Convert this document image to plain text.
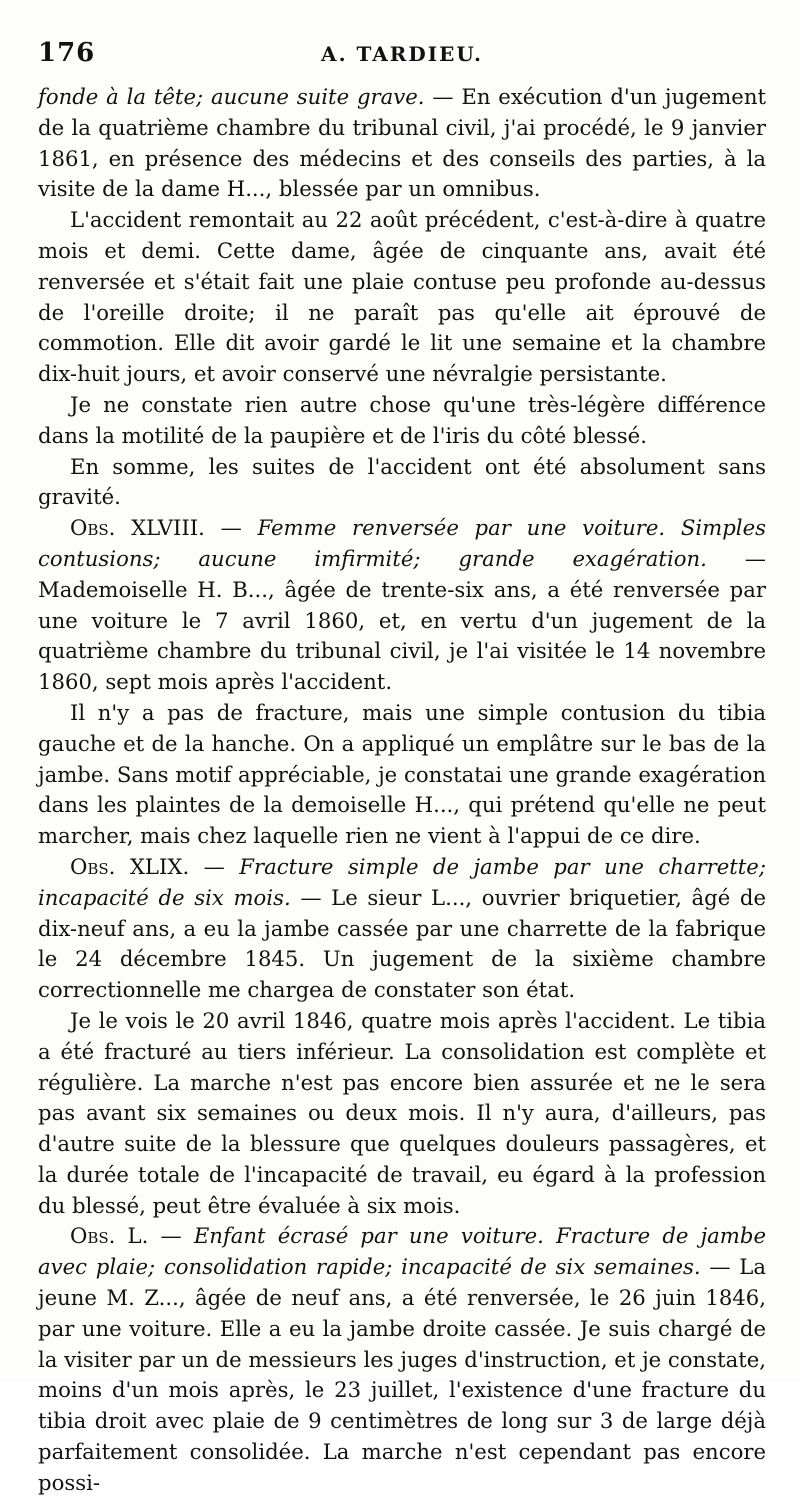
176	A. TARDIEU.

fonde à la tête; aucune suite grave. — En exécution d'un jugement de la quatrième chambre du tribunal civil, j'ai procédé, le 9 janvier 1861, en présence des médecins et des conseils des parties, à la visite de la dame H..., blessée par un omnibus.

L'accident remontait au 22 août précédent, c'est-à-dire à quatre mois et demi. Cette dame, âgée de cinquante ans, avait été renversée et s'était fait une plaie contuse peu profonde au-dessus de l'oreille droite; il ne paraît pas qu'elle ait éprouvé de commotion. Elle dit avoir gardé le lit une semaine et la chambre dix-huit jours, et avoir conservé une névralgie persistante.

Je ne constate rien autre chose qu'une très-légère différence dans la motilité de la paupière et de l'iris du côté blessé.

En somme, les suites de l'accident ont été absolument sans gravité.

Obs. XLVIII. — Femme renversée par une voiture. Simples contusions; aucune imfirmité; grande exagération. — Mademoiselle H. B..., âgée de trente-six ans, a été renversée par une voiture le 7 avril 1860, et, en vertu d'un jugement de la quatrième chambre du tribunal civil, je l'ai visitée le 14 novembre 1860, sept mois après l'accident.

Il n'y a pas de fracture, mais une simple contusion du tibia gauche et de la hanche. On a appliqué un emplâtre sur le bas de la jambe. Sans motif appréciable, je constatai une grande exagération dans les plaintes de la demoiselle H..., qui prétend qu'elle ne peut marcher, mais chez laquelle rien ne vient à l'appui de ce dire.

Obs. XLIX. — Fracture simple de jambe par une charrette; incapacité de six mois. — Le sieur L..., ouvrier briquetier, âgé de dix-neuf ans, a eu la jambe cassée par une charrette de la fabrique le 24 décembre 1845. Un jugement de la sixième chambre correctionnelle me chargea de constater son état.

Je le vois le 20 avril 1846, quatre mois après l'accident. Le tibia a été fracturé au tiers inférieur. La consolidation est complète et régulière. La marche n'est pas encore bien assurée et ne le sera pas avant six semaines ou deux mois. Il n'y aura, d'ailleurs, pas d'autre suite de la blessure que quelques douleurs passagères, et la durée totale de l'incapacité de travail, eu égard à la profession du blessé, peut être évaluée à six mois.

Obs. L. — Enfant écrasé par une voiture. Fracture de jambe avec plaie; consolidation rapide; incapacité de six semaines. — La jeune M. Z..., âgée de neuf ans, a été renversée, le 26 juin 1846, par une voiture. Elle a eu la jambe droite cassée. Je suis chargé de la visiter par un de messieurs les juges d'instruction, et je constate, moins d'un mois après, le 23 juillet, l'existence d'une fracture du tibia droit avec plaie de 9 centimètres de long sur 3 de large déjà parfaitement consolidée. La marche n'est cependant pas encore possi-
